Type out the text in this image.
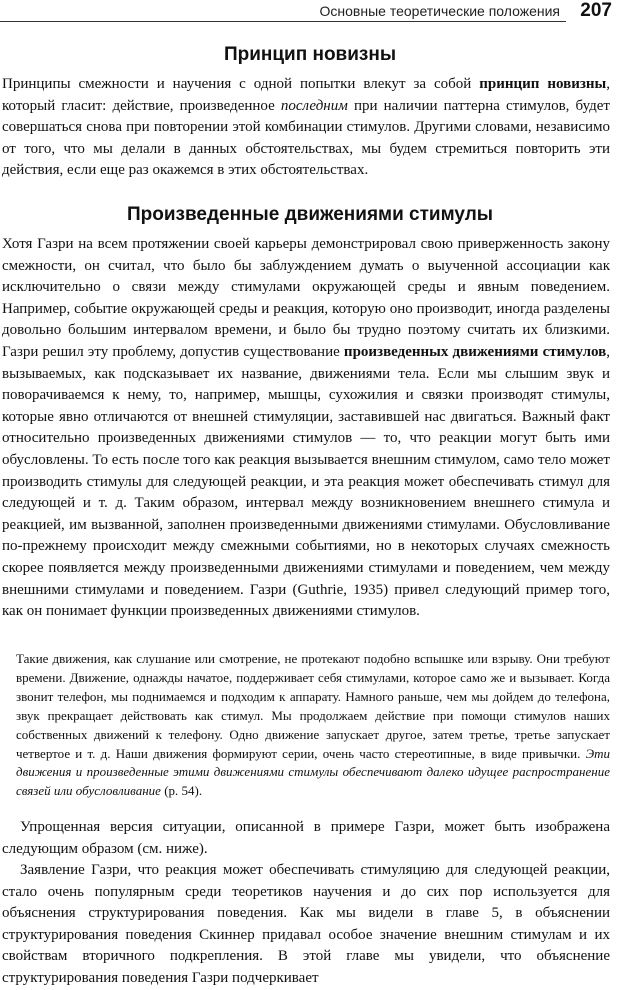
Основные теоретические положения 207
Принцип новизны

Принципы смежности и научения с одной попытки влекут за собой принцип новизны, который гласит: действие, произведенное последним при наличии паттерна стимулов, будет совершаться снова при повторении этой комбинации стимулов. Другими словами, независимо от того, что мы делали в данных обстоятельствах, мы будем стремиться повторить эти действия, если еще раз окажемся в этих обстоятельствах.

Произведенные движениями стимулы

Хотя Газри на всем протяжении своей карьеры демонстрировал свою приверженность закону смежности, он считал, что было бы заблуждением думать о выученной ассоциации как исключительно о связи между стимулами окружающей среды и явным поведением. Например, событие окружающей среды и реакция, которую оно производит, иногда разделены довольно большим интервалом времени, и было бы трудно поэтому считать их близкими. Газри решил эту проблему, допустив существование произведенных движениями стимулов, вызываемых, как подсказывает их название, движениями тела. Если мы слышим звук и поворачиваемся к нему, то, например, мышцы, сухожилия и связки производят стимулы, которые явно отличаются от внешней стимуляции, заставившей нас двигаться. Важный факт относительно произведенных движениями стимулов — то, что реакции могут быть ими обусловлены. То есть после того как реакция вызывается внешним стимулом, само тело может производить стимулы для следующей реакции, и эта реакция может обеспечивать стимул для следующей и т. д. Таким образом, интервал между возникновением внешнего стимула и реакцией, им вызванной, заполнен произведенными движениями стимулами. Обусловливание по-прежнему происходит между смежными событиями, но в некоторых случаях смежность скорее появляется между произведенными движениями стимулами и поведением, чем между внешними стимулами и поведением. Газри (Guthrie, 1935) привел следующий пример того, как он понимает функции произведенных движениями стимулов.

Такие движения, как слушание или смотрение, не протекают подобно вспышке или взрыву. Они требуют времени. Движение, однажды начатое, поддерживает себя стимулами, которое само же и вызывает. Когда звонит телефон, мы поднимаемся и подходим к аппарату. Намного раньше, чем мы дойдем до телефона, звук прекращает действовать как стимул. Мы продолжаем действие при помощи стимулов наших собственных движений к телефону. Одно движение запускает другое, затем третье, третье запускает четвертое и т. д. Наши движения формируют серии, очень часто стереотипные, в виде привычки. Эти движения и произведенные этими движениями стимулы обеспечивают далеко идущее распространение связей или обусловливание (р. 54).

Упрощенная версия ситуации, описанной в примере Газри, может быть изображена следующим образом (см. ниже).

Заявление Газри, что реакция может обеспечивать стимуляцию для следующей реакции, стало очень популярным среди теоретиков научения и до сих пор используется для объяснения структурирования поведения. Как мы видели в главе 5, в объяснении структурирования поведения Скиннер придавал особое значение внешним стимулам и их свойствам вторичного подкрепления. В этой главе мы увидели, что объяснение структурирования поведения Газри подчеркивает
